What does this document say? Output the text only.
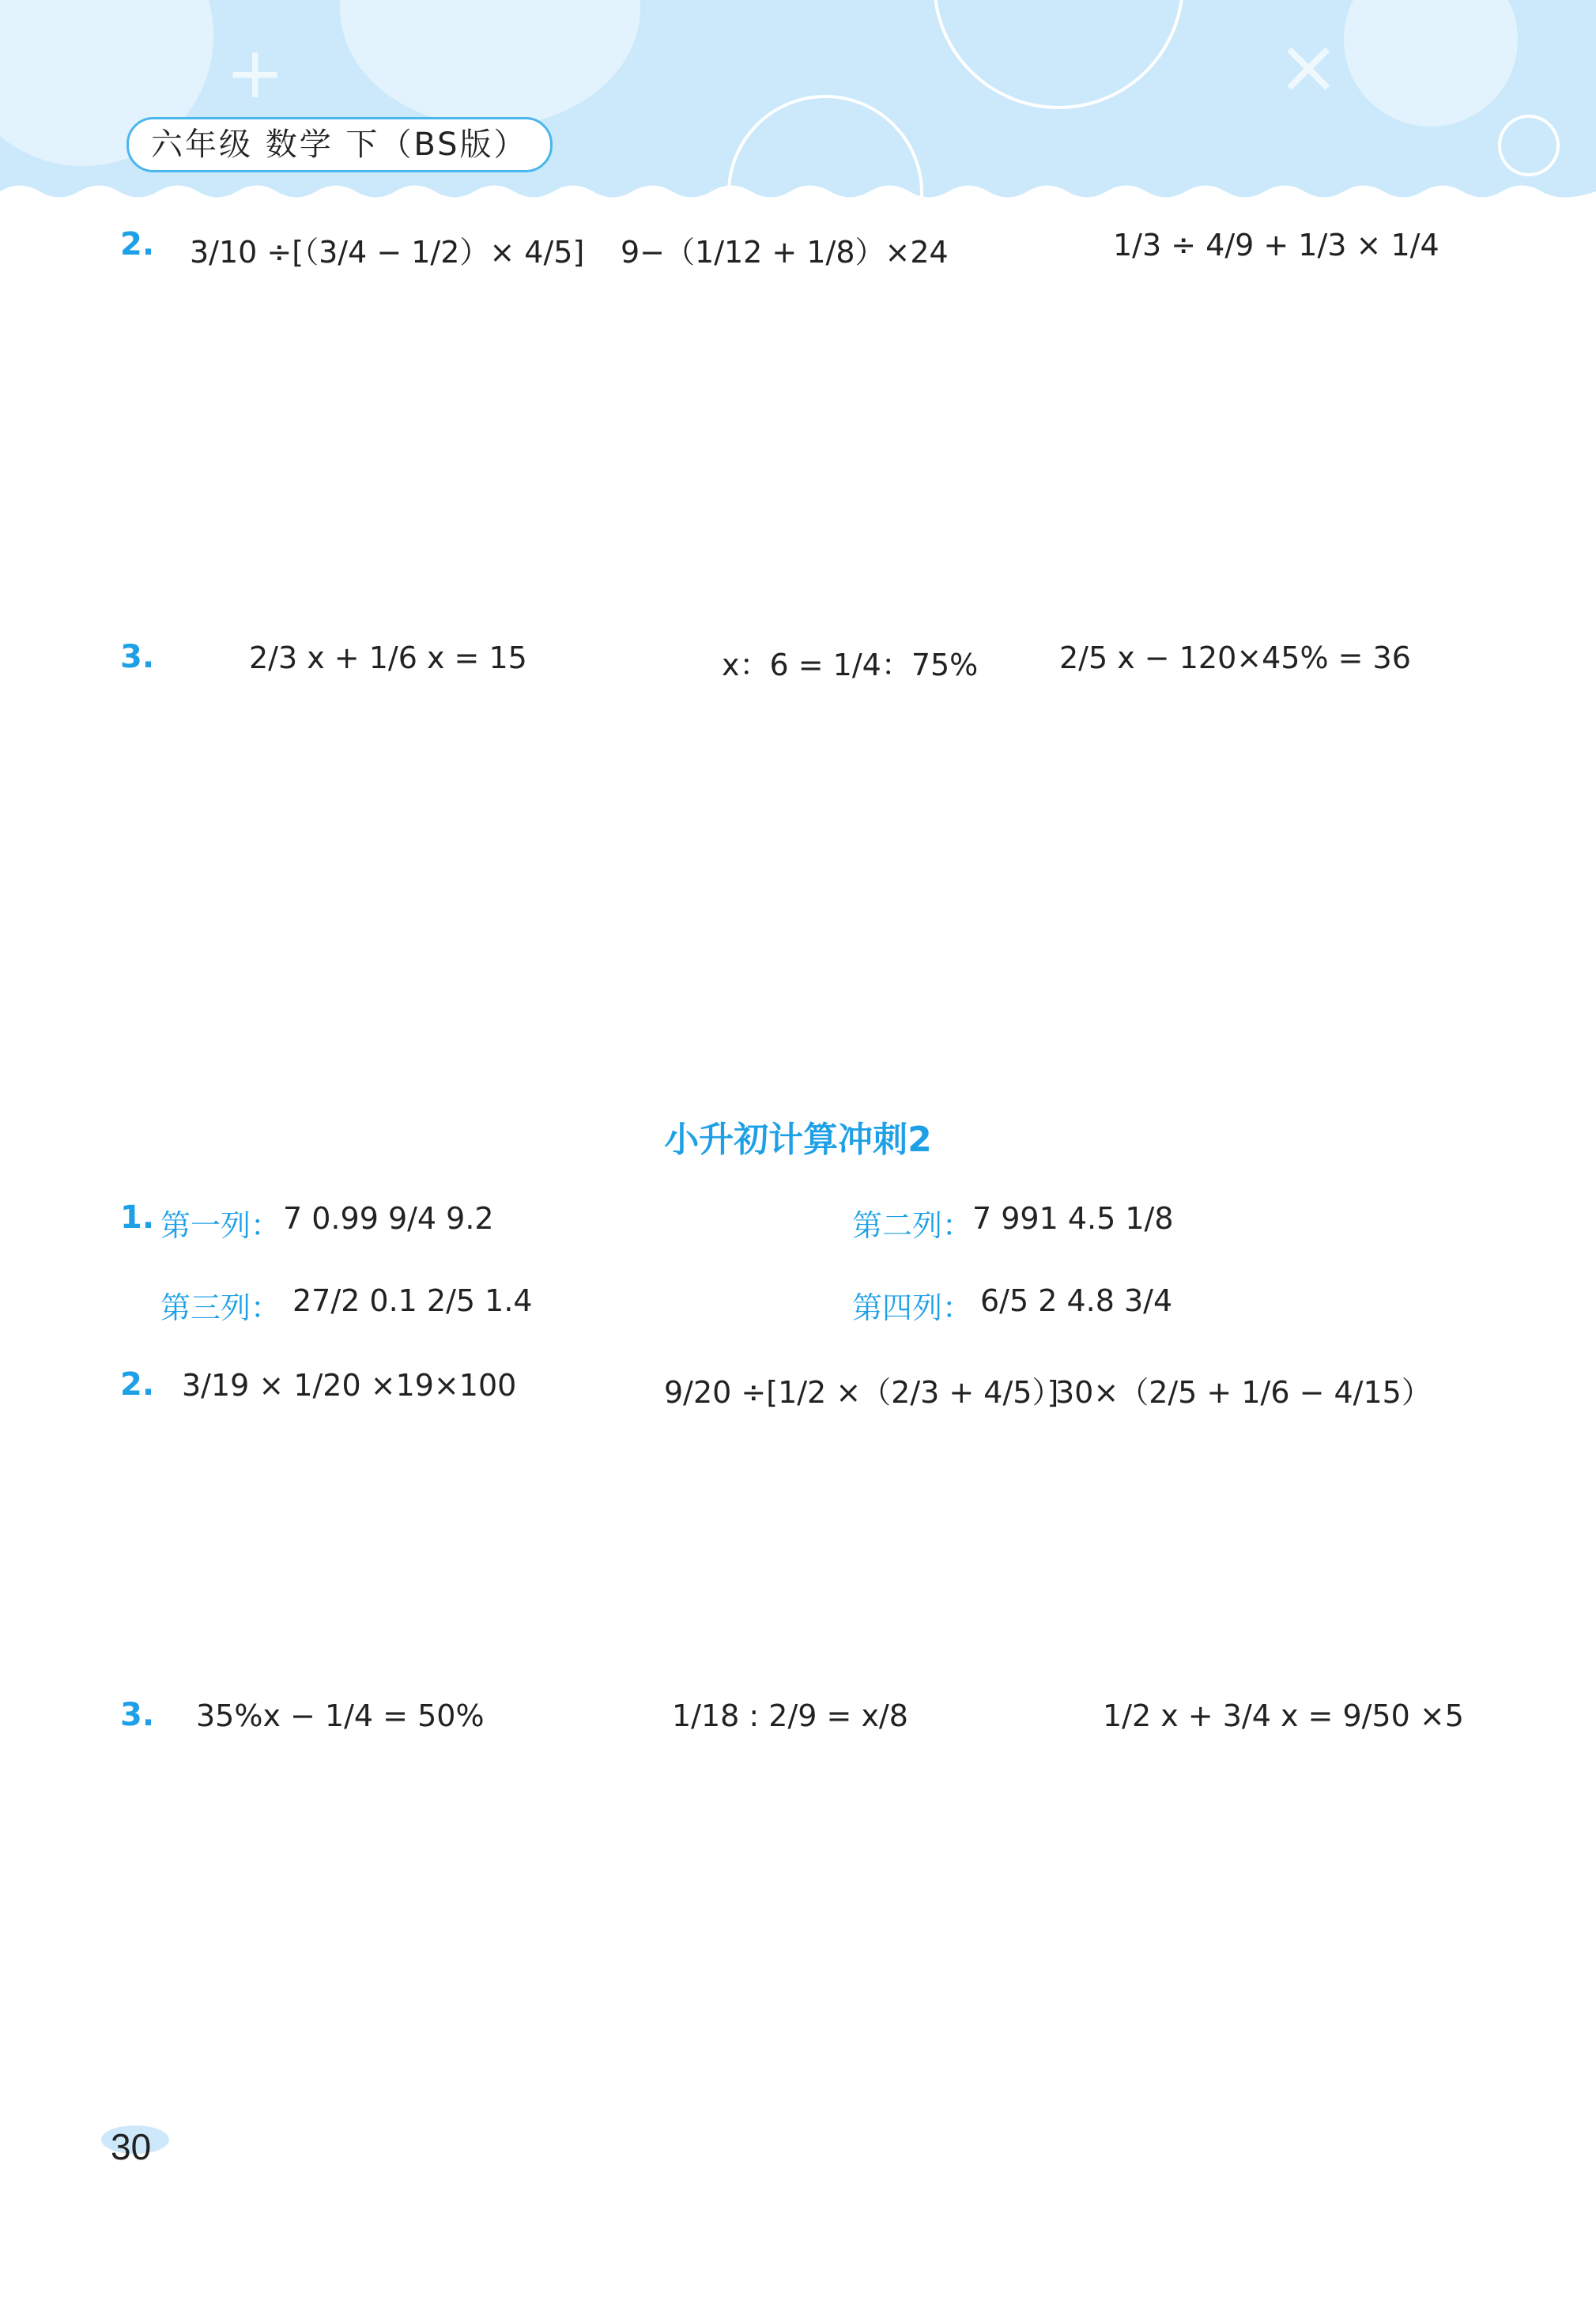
×
+
六年级 数学 下（BS版）
2. 3/10 ÷[（3/4 − 1/2）× 4/5] 9−（1/12 + 1/8）×24	1/3 ÷ 4/9 + 1/3 × 1/4
3.	2/3 x + 1/6 x = 15	x：6 = 1/4：75%	2/5 x − 120×45% = 36
小升初计算冲刺2
1. 第一列： 7 0.99 9/4 9.2	第二列： 7 991 4.5 1/8
第三列： 27/2 0.1 2/5 1.4	第四列： 6/5 2 4.8 3/4
2. 3/19 × 1/20 ×19×100	9/20 ÷[1/2 ×（2/3 + 4/5）]
30×（2/5 + 1/6 − 4/15）
3. 35%x − 1/4 = 50%	1/18 : 2/9 = x/8	1/2 x + 3/4 x = 9/50 ×5
30
